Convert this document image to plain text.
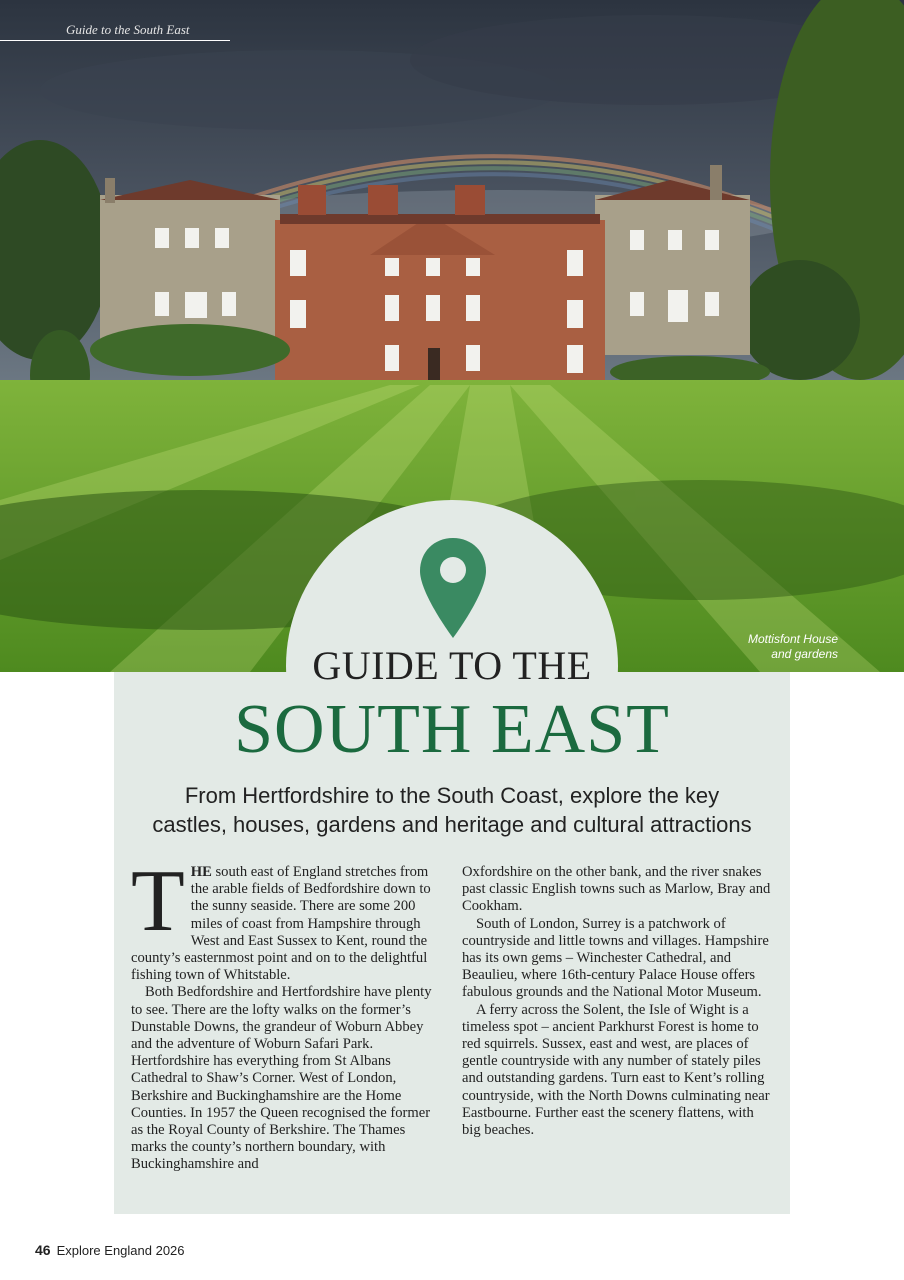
Guide to the South East
Mottisfont House
and gardens
GUIDE TO THE
SOUTH EAST
From Hertfordshire to the South Coast, explore the key
castles, houses, gardens and heritage and cultural attractions

THE south east of England stretches from the arable fields of Bedfordshire down to the sunny seaside. There are some 200 miles of coast from Hampshire through West and East Sussex to Kent, round the county’s easternmost point and on to the delightful fishing town of Whitstable.

Both Bedfordshire and Hertfordshire have plenty to see. There are the lofty walks on the former’s Dunstable Downs, the grandeur of Woburn Abbey and the adventure of Woburn Safari Park. Hertfordshire has everything from St Albans Cathedral to Shaw’s Corner. West of London, Berkshire and Buckinghamshire are the Home Counties. In 1957 the Queen recognised the former as the Royal County of Berkshire. The Thames marks the county’s northern boundary, with Buckinghamshire and

Oxfordshire on the other bank, and the river snakes past classic English towns such as Marlow, Bray and Cookham.

South of London, Surrey is a patchwork of countryside and little towns and villages. Hampshire has its own gems – Winchester Cathedral, and Beaulieu, where 16th-century Palace House offers fabulous grounds and the National Motor Museum.

A ferry across the Solent, the Isle of Wight is a timeless spot – ancient Parkhurst Forest is home to red squirrels. Sussex, east and west, are places of gentle countryside with any number of stately piles and outstanding gardens. Turn east to Kent’s rolling countryside, with the North Downs culminating near Eastbourne. Further east the scenery flattens, with big beaches.

46 Explore England 2026
